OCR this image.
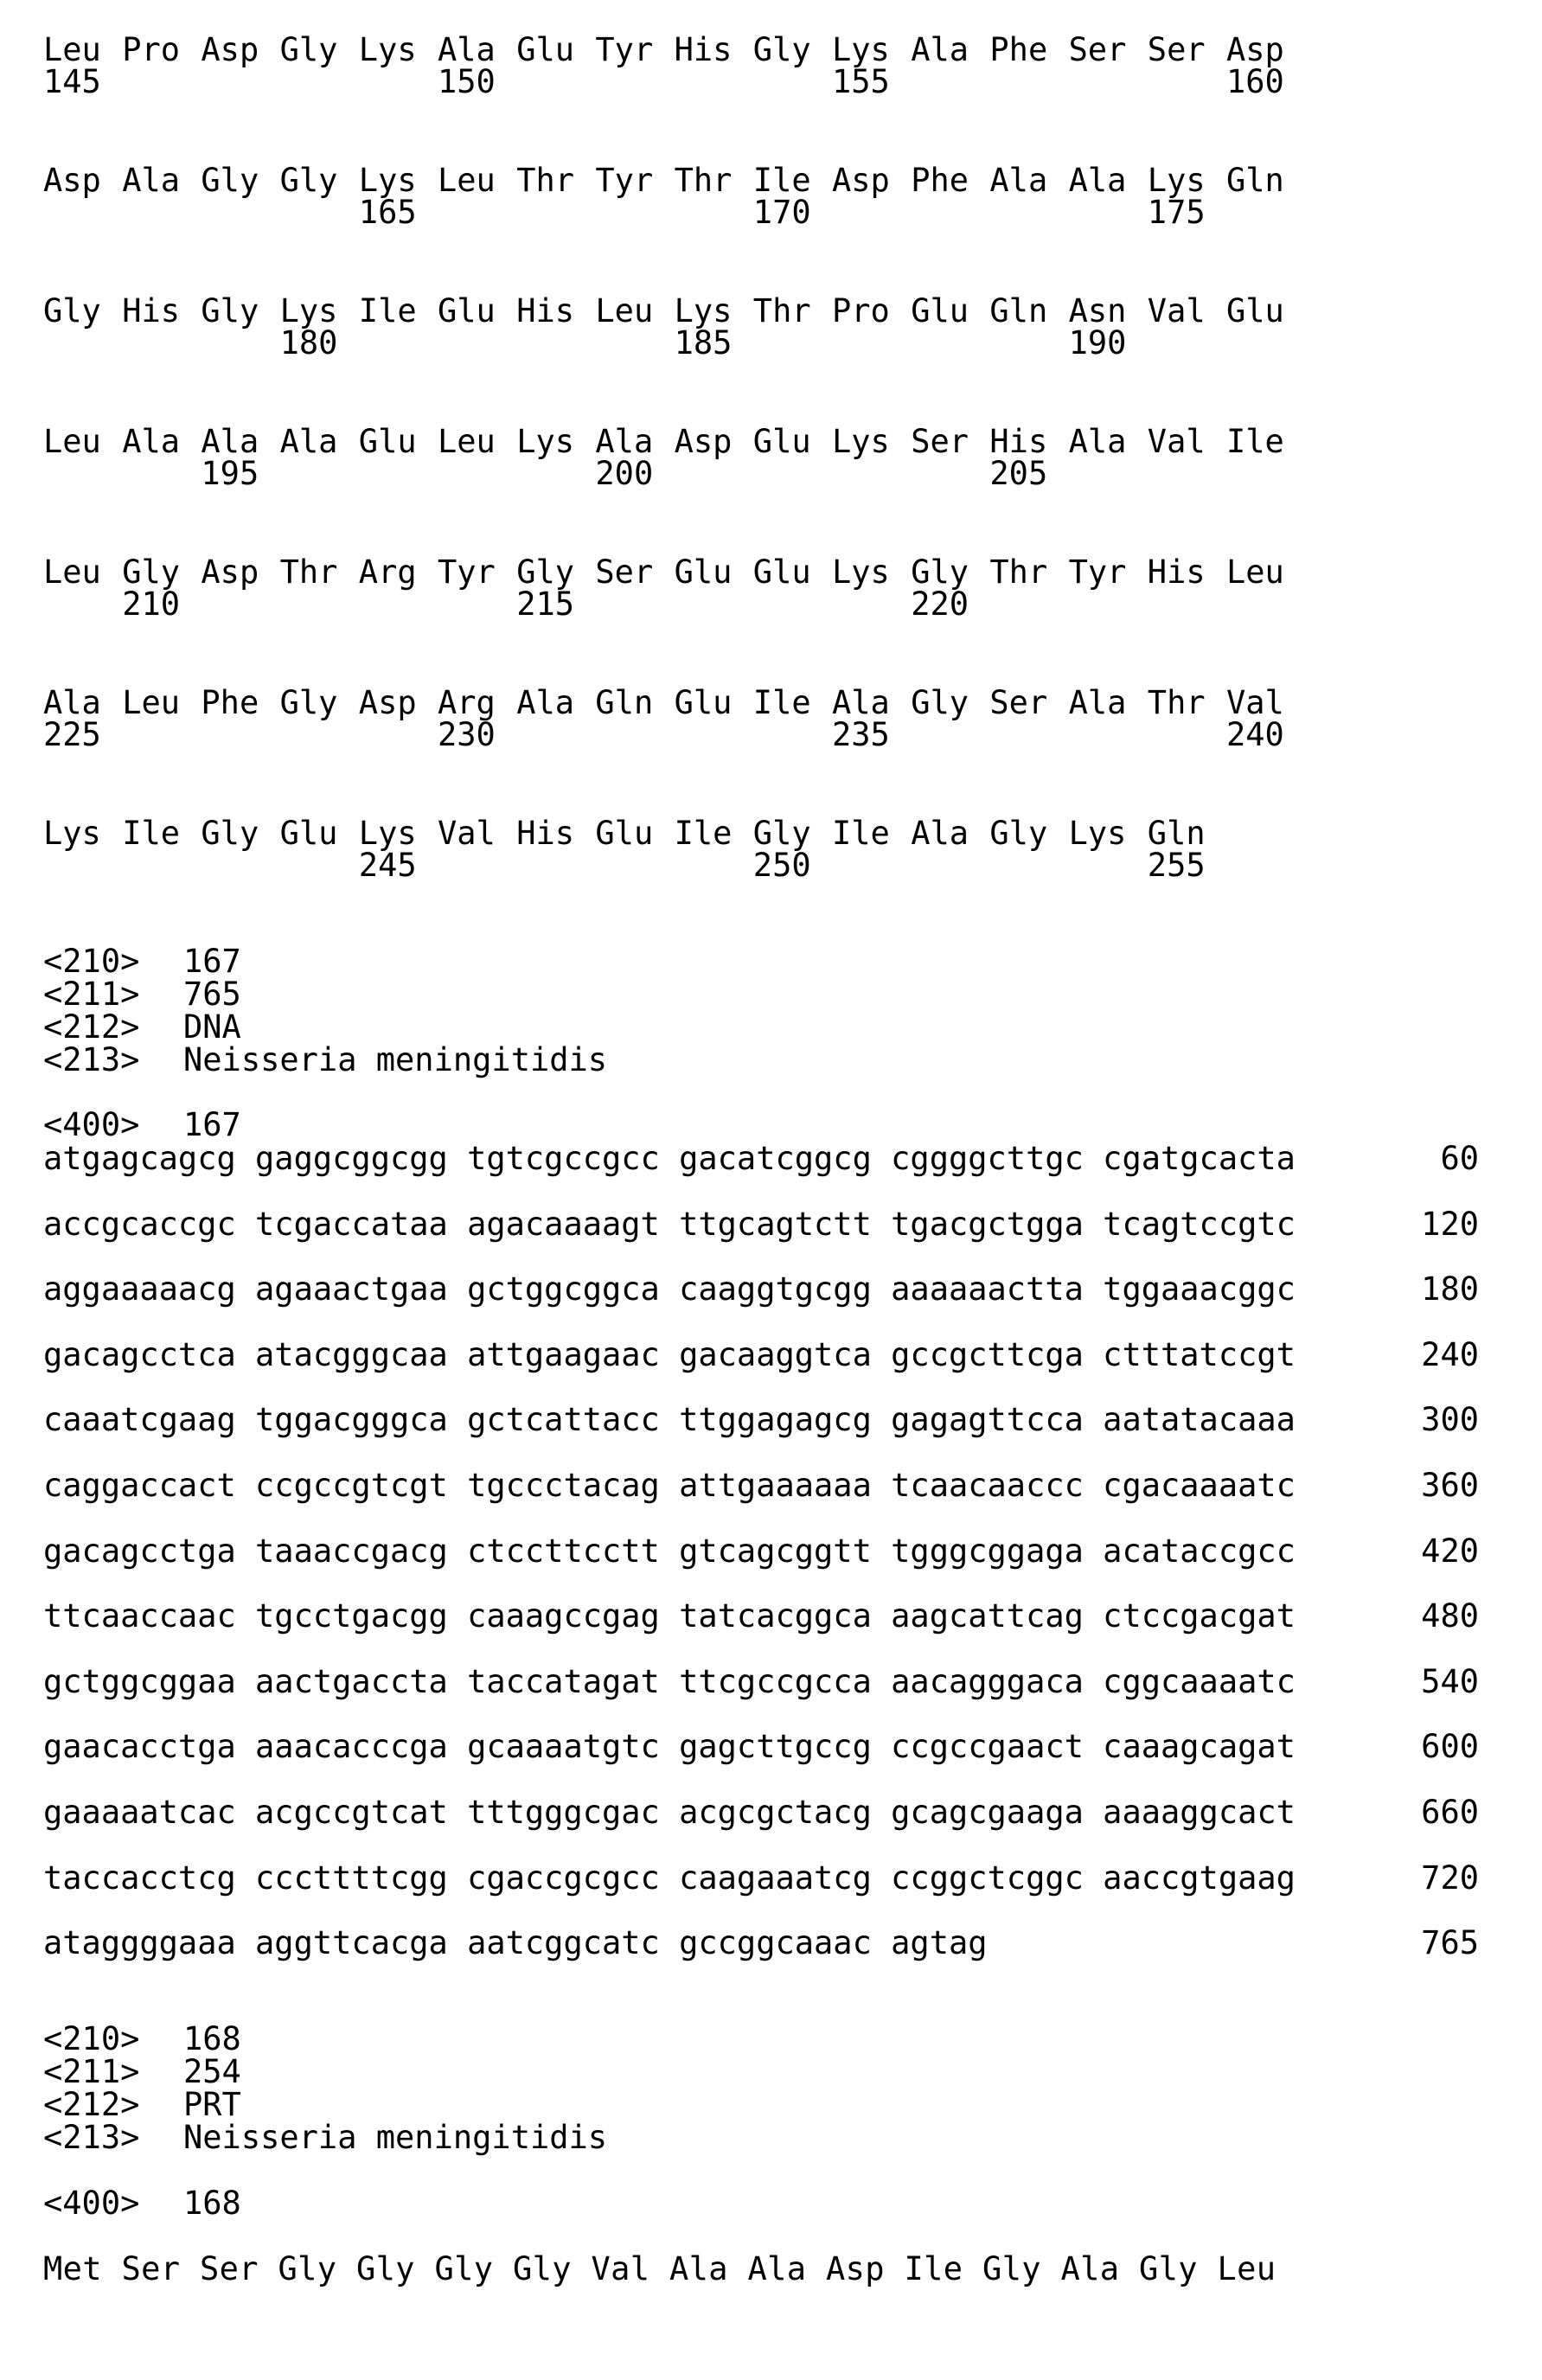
Leu Pro Asp Gly Lys Ala Glu Tyr His Gly Lys Ala Phe Ser Ser Asp
145	150	155	160
Asp Ala Gly Gly Lys Leu Thr Tyr Thr Ile Asp Phe Ala Ala Lys Gln
165	170	175
Gly His Gly Lys Ile Glu His Leu Lys Thr Pro Glu Gln Asn Val Glu
180	185	190
Leu Ala Ala Ala Glu Leu Lys Ala Asp Glu Lys Ser His Ala Val Ile
195	200	205
Leu Gly Asp Thr Arg Tyr Gly Ser Glu Glu Lys Gly Thr Tyr His Leu
210	215	220
Ala Leu Phe Gly Asp Arg Ala Gln Glu Ile Ala Gly Ser Ala Thr Val
225	230	235	240
Lys Ile Gly Glu Lys Val His Glu Ile Gly Ile Ala Gly Lys Gln
245	250	255
<210> 167
<211> 765
<212> DNA
<213> Neisseria meningitidis
<400> 167
atgagcagcg gaggcggcgg tgtcgccgcc gacatcggcg cggggcttgc cgatgcacta	60
accgcaccgc tcgaccataa agacaaaagt ttgcagtctt tgacgctgga tcagtccgtc	120
aggaaaaacg agaaactgaa gctggcggca caaggtgcgg aaaaaactta tggaaacggc	180
gacagcctca atacgggcaa attgaagaac gacaaggtca gccgcttcga ctttatccgt	240
caaatcgaag tggacgggca gctcattacc ttggagagcg gagagttcca aatatacaaa	300
caggaccact ccgccgtcgt tgccctacag attgaaaaaa tcaacaaccc cgacaaaatc	360
gacagcctga taaaccgacg ctccttcctt gtcagcggtt tgggcggaga acataccgcc	420
ttcaaccaac tgcctgacgg caaagccgag tatcacggca aagcattcag ctccgacgat	480
gctggcggaa aactgaccta taccatagat ttcgccgcca aacagggaca cggcaaaatc	540
gaacacctga aaacacccga gcaaaatgtc gagcttgccg ccgccgaact caaagcagat	600
gaaaaatcac acgccgtcat tttgggcgac acgcgctacg gcagcgaaga aaaaggcact	660
taccacctcg cccttttcgg cgaccgcgcc caagaaatcg ccggctcggc aaccgtgaag	720
ataggggaaa aggttcacga aatcggcatc gccggcaaac agtag	765
<210> 168
<211> 254
<212> PRT
<213> Neisseria meningitidis
<400> 168
Met Ser Ser Gly Gly Gly Gly Val Ala Ala Asp Ile Gly Ala Gly Leu
